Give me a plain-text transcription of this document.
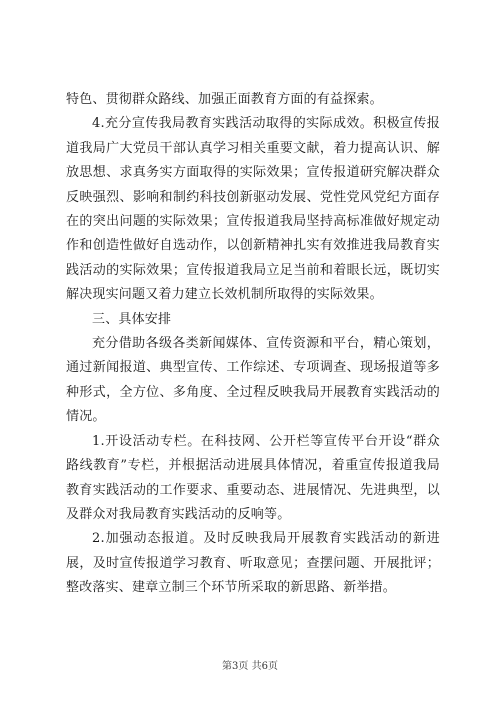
特色、贯彻群众路线、加强正面教育方面的有益探索。

4.充分宣传我局教育实践活动取得的实际成效。积极宣传报道我局广大党员干部认真学习相关重要文献，着力提高认识、解放思想、求真务实方面取得的实际效果；宣传报道研究解决群众反映强烈、影响和制约科技创新驱动发展、党性党风党纪方面存在的突出问题的实际效果；宣传报道我局坚持高标准做好规定动作和创造性做好自选动作，以创新精神扎实有效推进我局教育实践活动的实际效果；宣传报道我局立足当前和着眼长远，既切实解决现实问题又着力建立长效机制所取得的实际效果。

三、具体安排

充分借助各级各类新闻媒体、宣传资源和平台，精心策划，通过新闻报道、典型宣传、工作综述、专项调查、现场报道等多种形式，全方位、多角度、全过程反映我局开展教育实践活动的情况。

1.开设活动专栏。在科技网、公开栏等宣传平台开设“群众路线教育”专栏，并根据活动进展具体情况，着重宣传报道我局教育实践活动的工作要求、重要动态、进展情况、先进典型，以及群众对我局教育实践活动的反响等。

2.加强动态报道。及时反映我局开展教育实践活动的新进展，及时宣传报道学习教育、听取意见；查摆问题、开展批评；整改落实、建章立制三个环节所采取的新思路、新举措。

第3页 共6页
